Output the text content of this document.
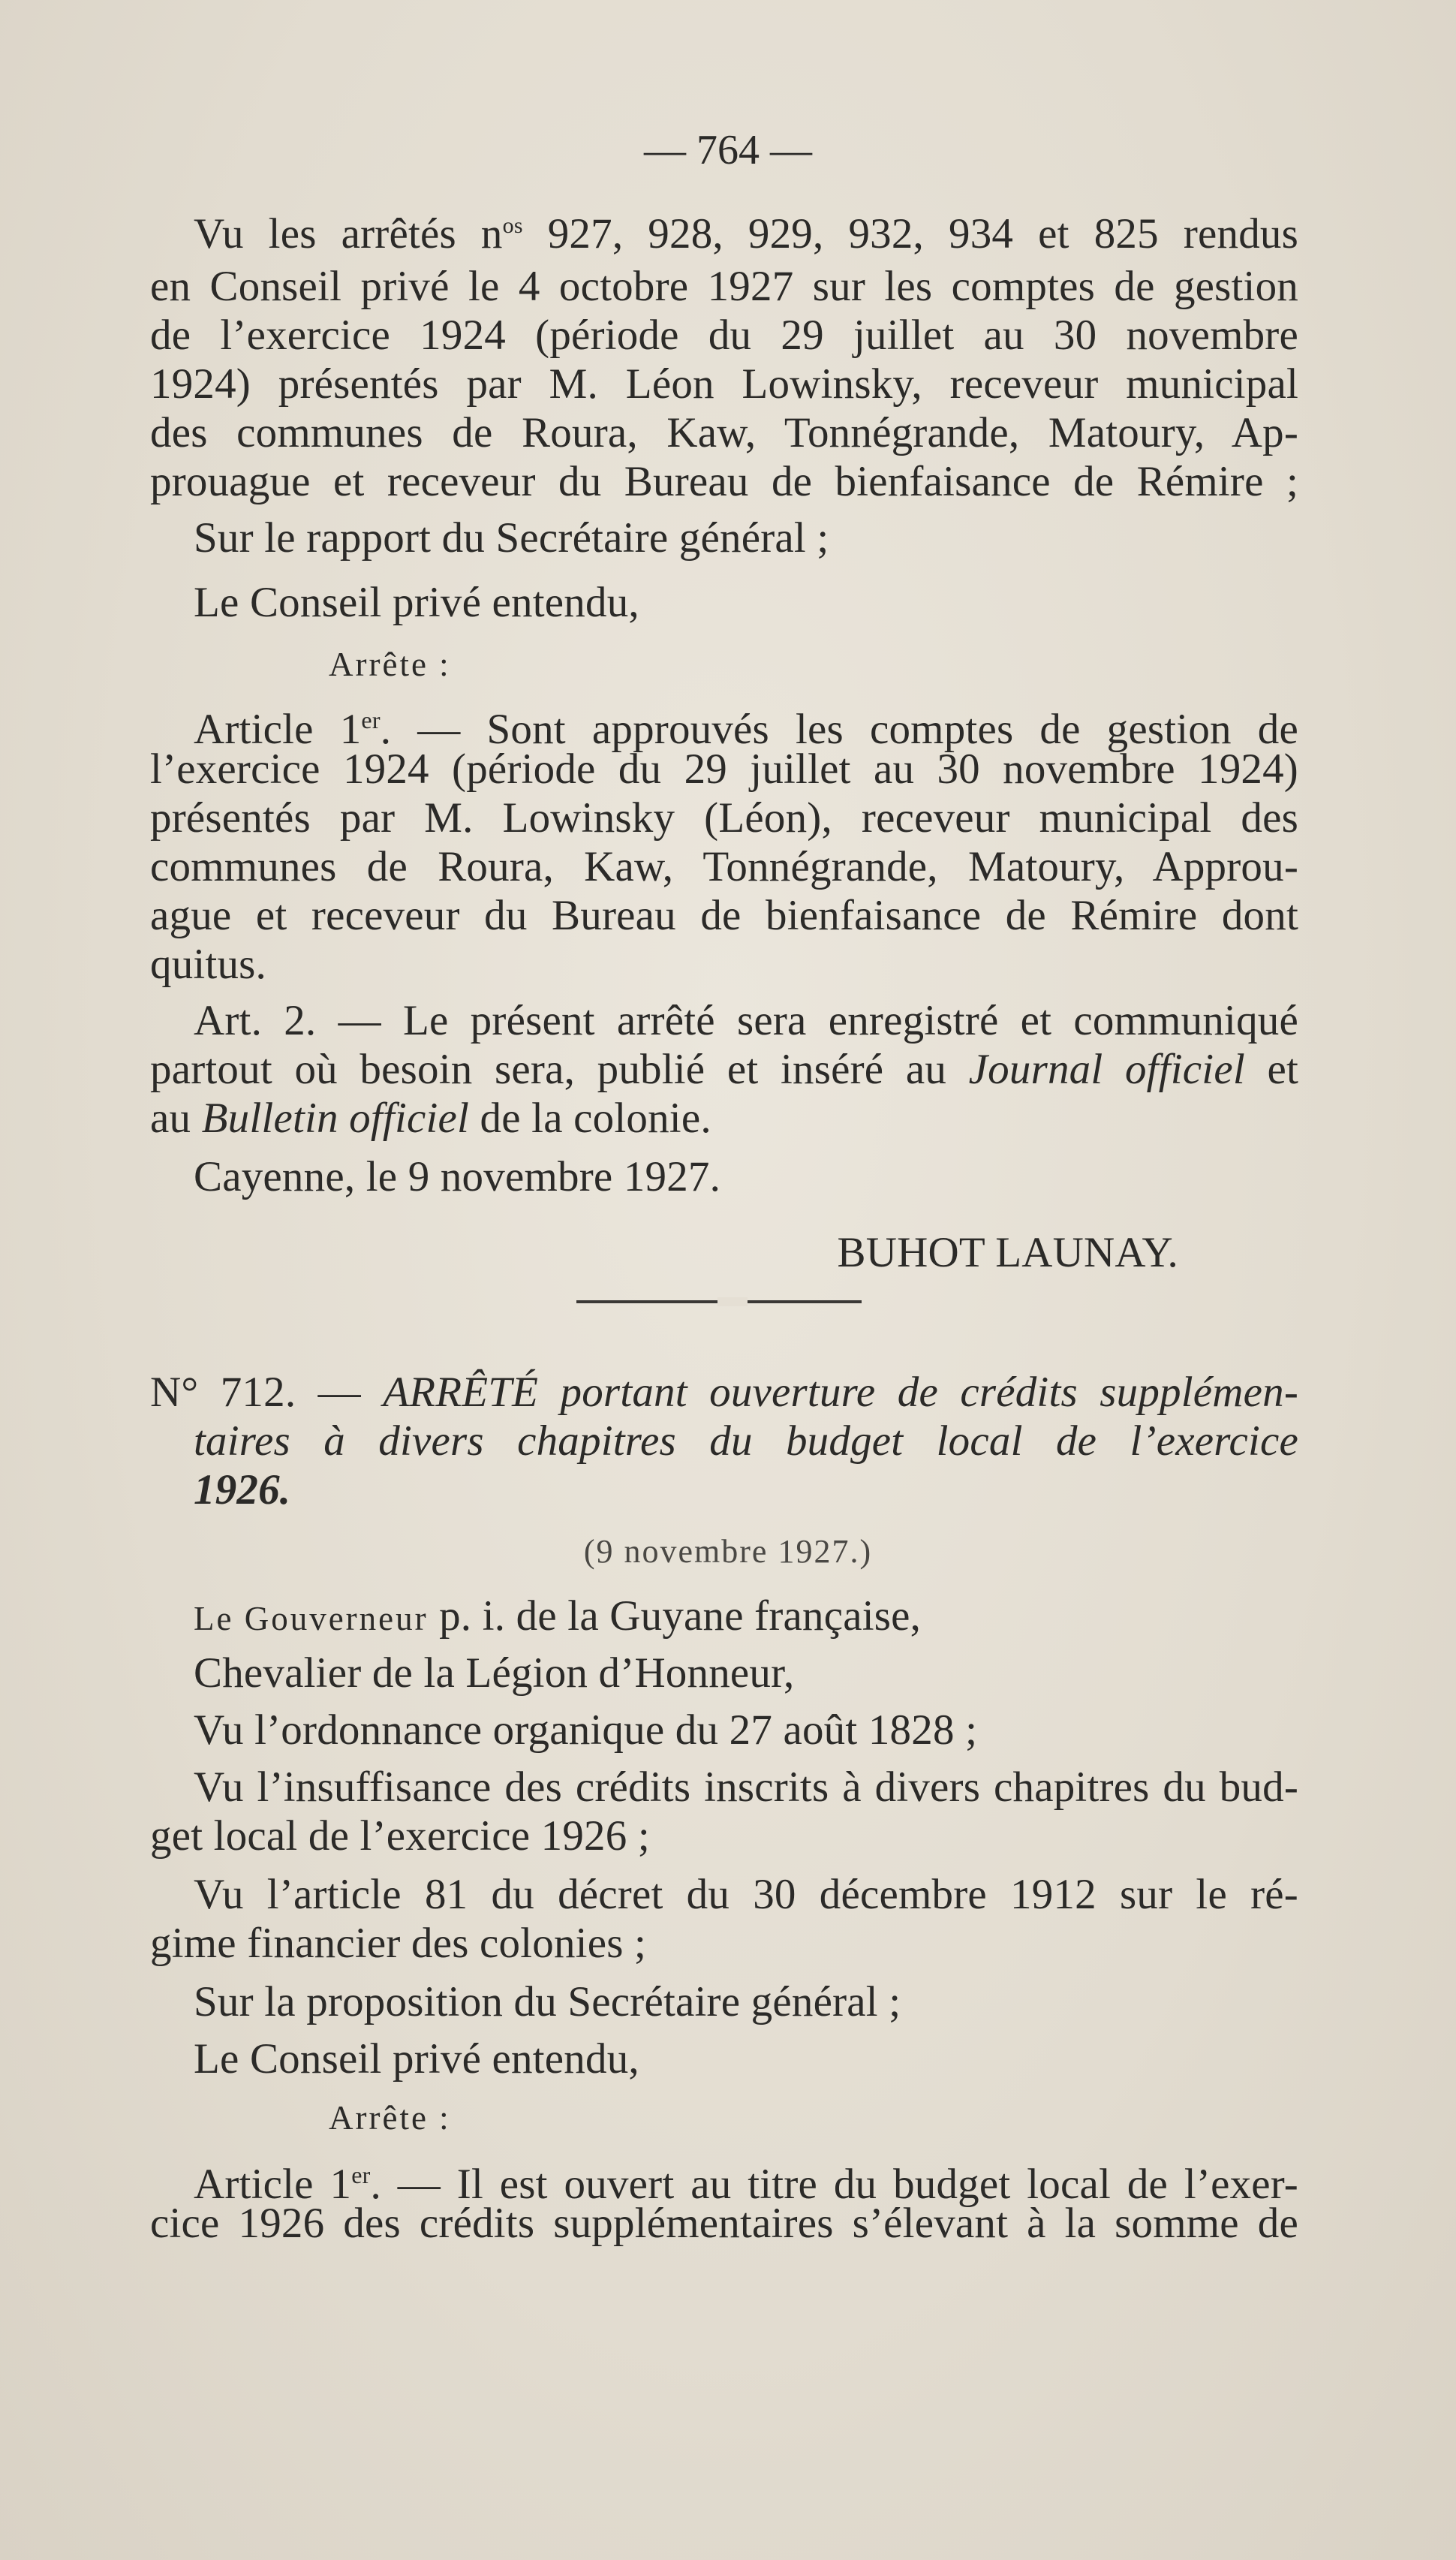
— 764 —
Vu les arrêtés $n^{os}$ 927, 928, 929, 932, 934 et 825 rendus
en Conseil privé le 4 octobre 1927 sur les comptes de gestion
de l’exercice 1924 (période du 29 juillet au 30 novembre
1924) présentés par M. Léon Lowinsky, receveur municipal
des communes de Roura, Kaw, Tonnégrande, Matoury, Ap-
prouague et receveur du Bureau de bienfaisance de Rémire ;
Sur le rapport du Secrétaire général ;
Le Conseil privé entendu,
Arrête :
Article 1er. — Sont approuvés les comptes de gestion de
l’exercice 1924 (période du 29 juillet au 30 novembre 1924)
présentés par M. Lowinsky (Léon), receveur municipal des
communes de Roura, Kaw, Tonnégrande, Matoury, Approu-
ague et receveur du Bureau de bienfaisance de Rémire dont
quitus.
Art. 2. — Le présent arrêté sera enregistré et communiqué
partout où besoin sera, publié et inséré au Journal officiel et
au Bulletin officiel de la colonie.
Cayenne, le 9 novembre 1927.
BUHOT LAUNAY.
N° 712. — ARRÊTÉ portant ouverture de crédits supplémen-
taires à divers chapitres du budget local de l’exercice
1926.
(9 novembre 1927.)
Le Gouverneur p. i. de la Guyane française,
Chevalier de la Légion d’Honneur,
Vu l’ordonnance organique du 27 août 1828 ;
Vu l’insuffisance des crédits inscrits à divers chapitres du bud-
get local de l’exercice 1926 ;
Vu l’article 81 du décret du 30 décembre 1912 sur le ré-
gime financier des colonies ;
Sur la proposition du Secrétaire général ;
Le Conseil privé entendu,
Arrête :
Article 1er. — Il est ouvert au titre du budget local de l’exer-
cice 1926 des crédits supplémentaires s’élevant à la somme de
